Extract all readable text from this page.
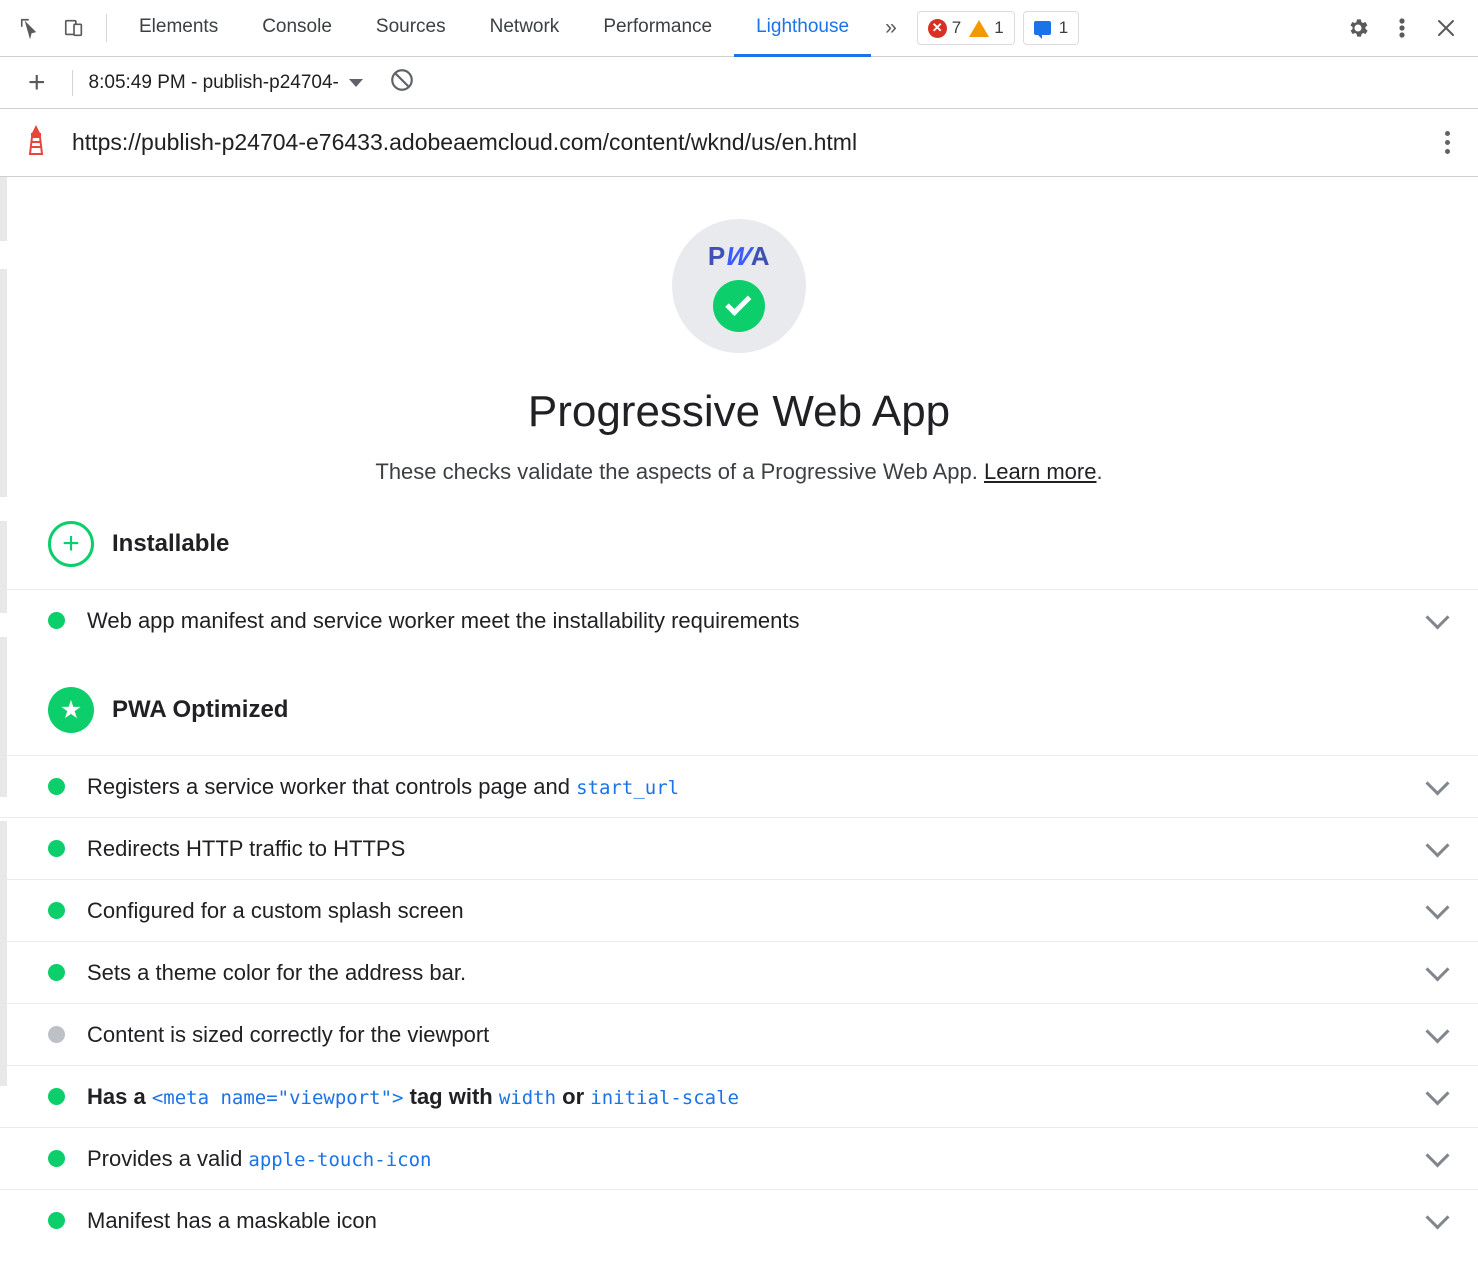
Elements Console Sources Network Performance Lighthouse »	✕ 7 1	1
+	8:05:49 PM - publish-p24704-
https://publish-p24704-e76433.adobeaemcloud.com/content/wknd/us/en.html
P
W
A
Progressive Web App
These checks validate the aspects of a Progressive Web App. Learn more.
+	Installable
Web app manifest and service worker meet the installability requirements
★	PWA Optimized
Registers a service worker that controls page and start_url
Redirects HTTP traffic to HTTPS
Configured for a custom splash screen
Sets a theme color for the address bar.
Content is sized correctly for the viewport
Has a <meta name="viewport"> tag with width or initial-scale
Provides a valid apple-touch-icon
Manifest has a maskable icon
